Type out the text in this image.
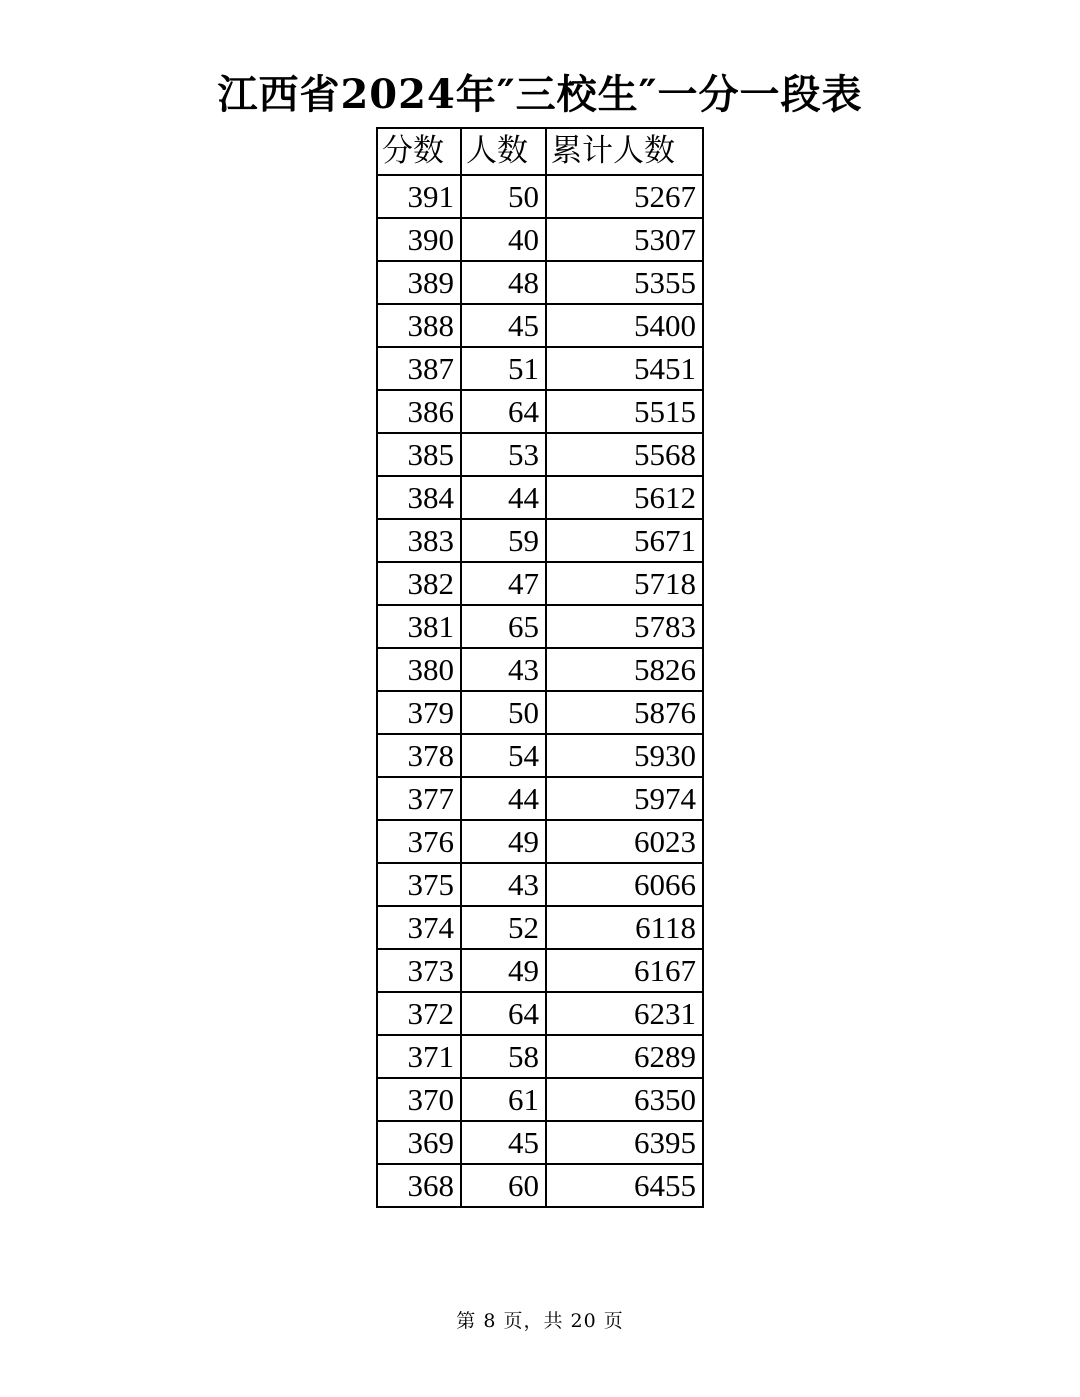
江西省2024年″三校生″一分一段表
分数	人数	累计人数
391	50	5267
390	40	5307
389	48	5355
388	45	5400
387	51	5451
386	64	5515
385	53	5568
384	44	5612
383	59	5671
382	47	5718
381	65	5783
380	43	5826
379	50	5876
378	54	5930
377	44	5974
376	49	6023
375	43	6066
374	52	6118
373	49	6167
372	64	6231
371	58	6289
370	61	6350
369	45	6395
368	60	6455
第 8 页，共 20 页
